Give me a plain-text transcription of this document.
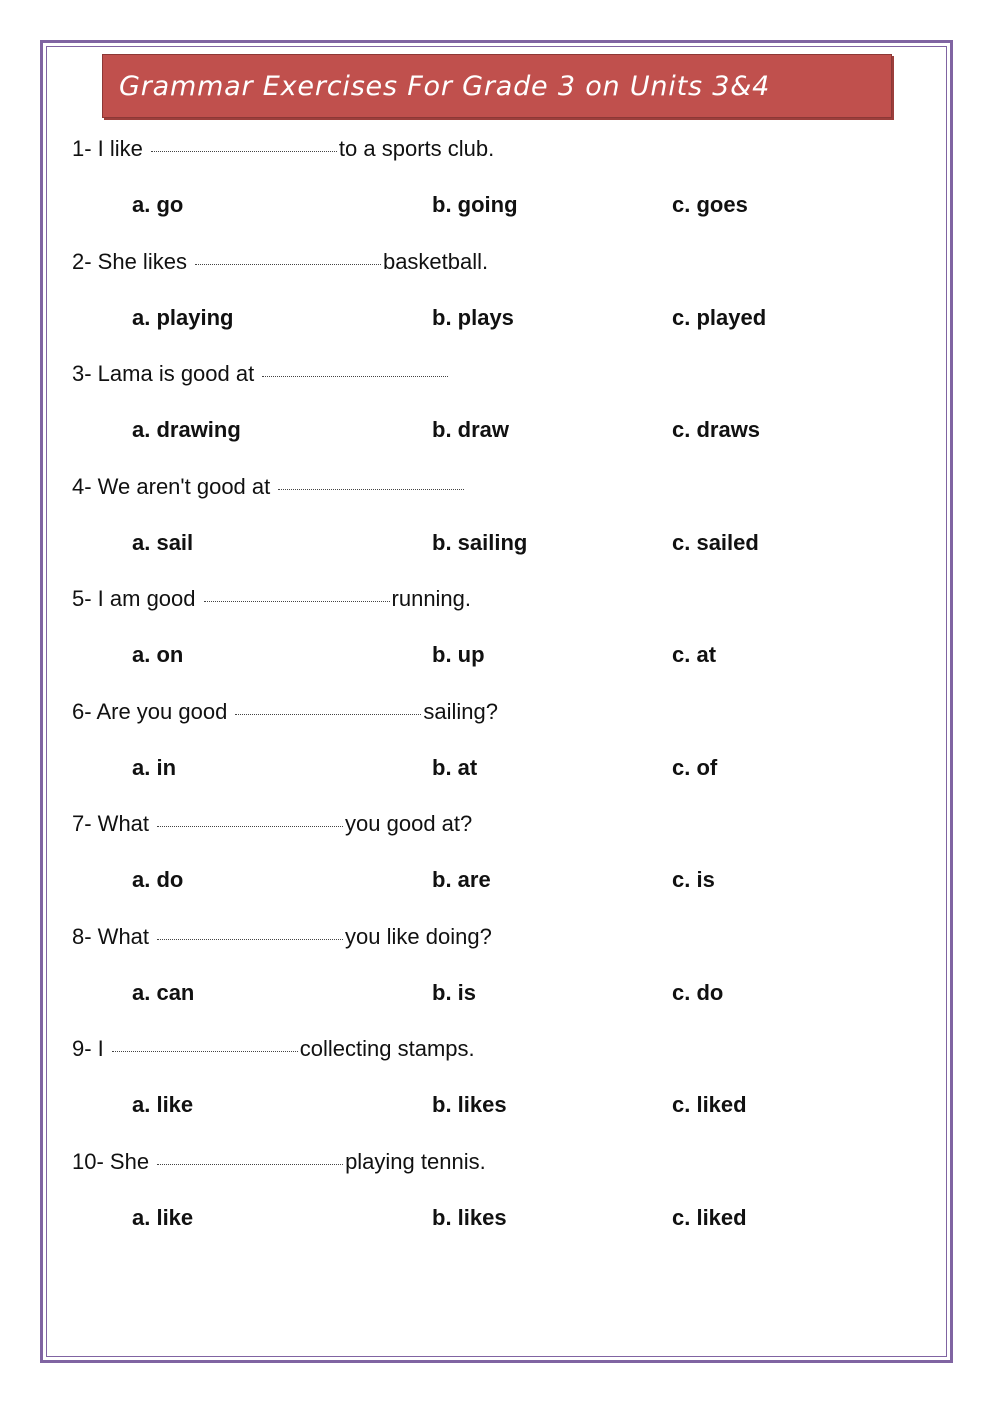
Grammar Exercises For Grade 3 on Units 3&4
1- I like	to a sports club.
a. go	b. going	c. goes
2- She likes	basketball.
a. playing	b. plays	c. played
3- Lama is good at
a. drawing	b. draw	c. draws
4- We aren't good at
a. sail	b. sailing	c. sailed
5- I am good	running.
a. on	b. up	c. at
6- Are you good	sailing?
a. in	b. at	c. of
7- What	you good at?
a. do	b. are	c. is
8- What	you like doing?
a. can	b. is	c. do
9- I	collecting stamps.
a. like	b. likes	c. liked
10- She	playing tennis.
a. like	b. likes	c. liked
